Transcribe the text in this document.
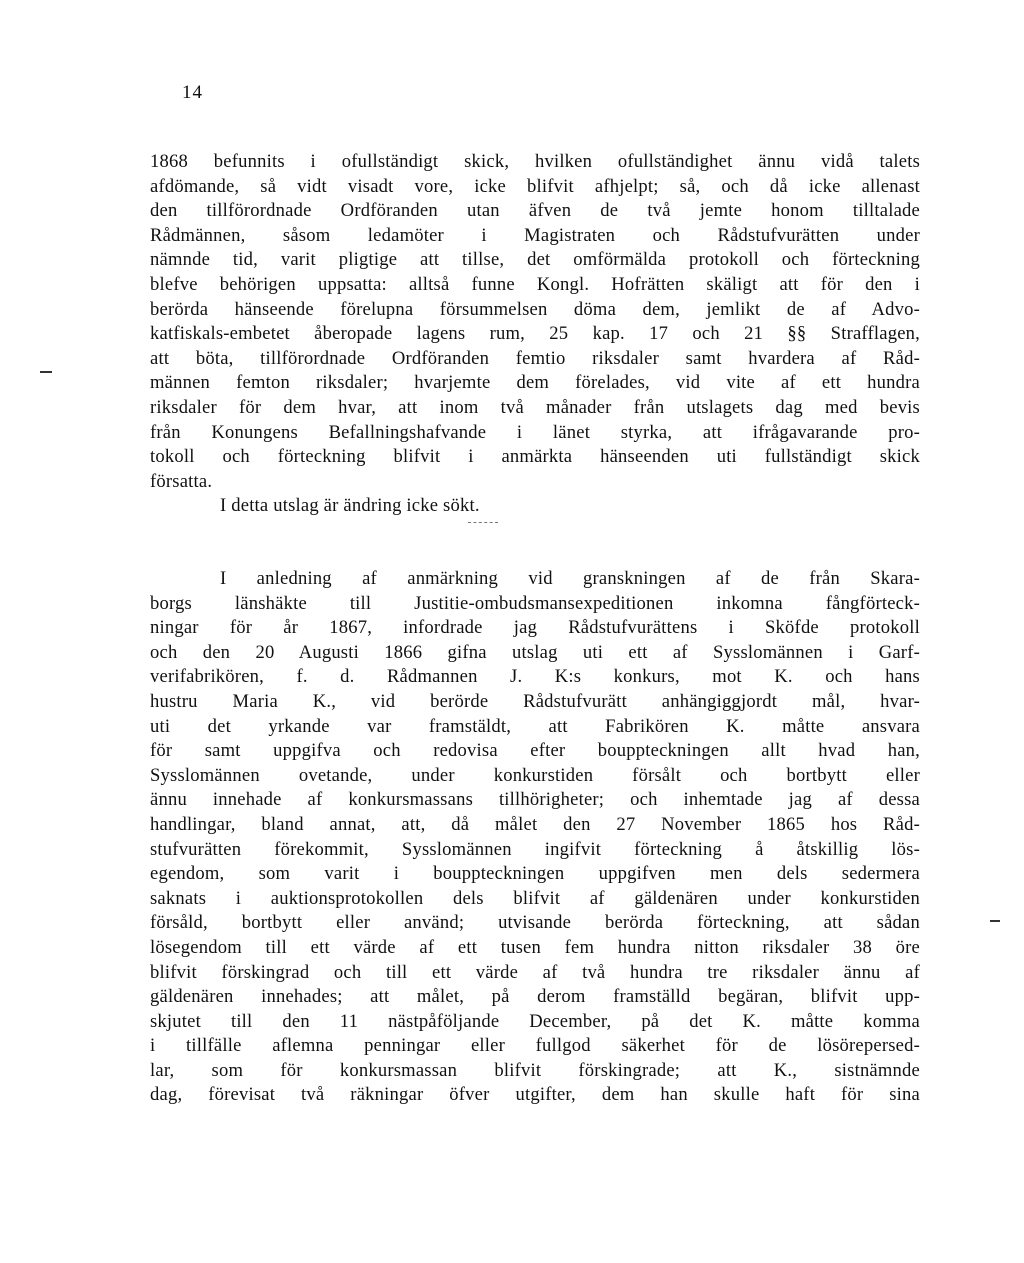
14
1868 befunnits i ofullständigt skick, hvilken ofullständighet ännu vidå talets
afdömande, så vidt visadt vore, icke blifvit afhjelpt; så, och då icke allenast
den tillförordnade Ordföranden utan äfven de två jemte honom tilltalade
Rådmännen, såsom ledamöter i Magistraten och Rådstufvurätten under
nämnde tid, varit pligtige att tillse, det omförmälda protokoll och förteckning
blefve behörigen uppsatta: alltså funne Kongl. Hofrätten skäligt att för den i
berörda hänseende förelupna försummelsen döma dem, jemlikt de af Advo-
katfiskals-embetet åberopade lagens rum, 25 kap. 17 och 21 §§ Strafflagen,
att böta, tillförordnade Ordföranden femtio riksdaler samt hvardera af Råd-
männen femton riksdaler; hvarjemte dem förelades, vid vite af ett hundra
riksdaler för dem hvar, att inom två månader från utslagets dag med bevis
från Konungens Befallningshafvande i länet styrka, att ifrågavarande pro-
tokoll och förteckning blifvit i anmärkta hänseenden uti fullständigt skick
försatta.
I detta utslag är ändring icke sökt.
I anledning af anmärkning vid granskningen af de från Skara-
borgs länshäkte till Justitie-ombudsmansexpeditionen inkomna fångförteck-
ningar för år 1867, infordrade jag Rådstufvurättens i Sköfde protokoll
och den 20 Augusti 1866 gifna utslag uti ett af Sysslomännen i Garf-
verifabrikören, f. d. Rådmannen J. K:s konkurs, mot K. och hans
hustru Maria K., vid berörde Rådstufvurätt anhängiggjordt mål, hvar-
uti det yrkande var framstäldt, att Fabrikören K. måtte ansvara
för samt uppgifva och redovisa efter bouppteckningen allt hvad han,
Sysslomännen ovetande, under konkurstiden försålt och bortbytt eller
ännu innehade af konkursmassans tillhörigheter; och inhemtade jag af dessa
handlingar, bland annat, att, då målet den 27 November 1865 hos Råd-
stufvurätten förekommit, Sysslomännen ingifvit förteckning å åtskillig lös-
egendom, som varit i bouppteckningen uppgifven men dels sedermera
saknats i auktionsprotokollen dels blifvit af gäldenären under konkurstiden
försåld, bortbytt eller använd; utvisande berörda förteckning, att sådan
lösegendom till ett värde af ett tusen fem hundra nitton riksdaler 38 öre
blifvit förskingrad och till ett värde af två hundra tre riksdaler ännu af
gäldenären innehades; att målet, på derom framställd begäran, blifvit upp-
skjutet till den 11 nästpåföljande December, på det K. måtte komma
i tillfälle aflemna penningar eller fullgod säkerhet för de lösörepersed-
lar, som för konkursmassan blifvit förskingrade; att K., sistnämnde
dag, förevisat två räkningar öfver utgifter, dem han skulle haft för sina
